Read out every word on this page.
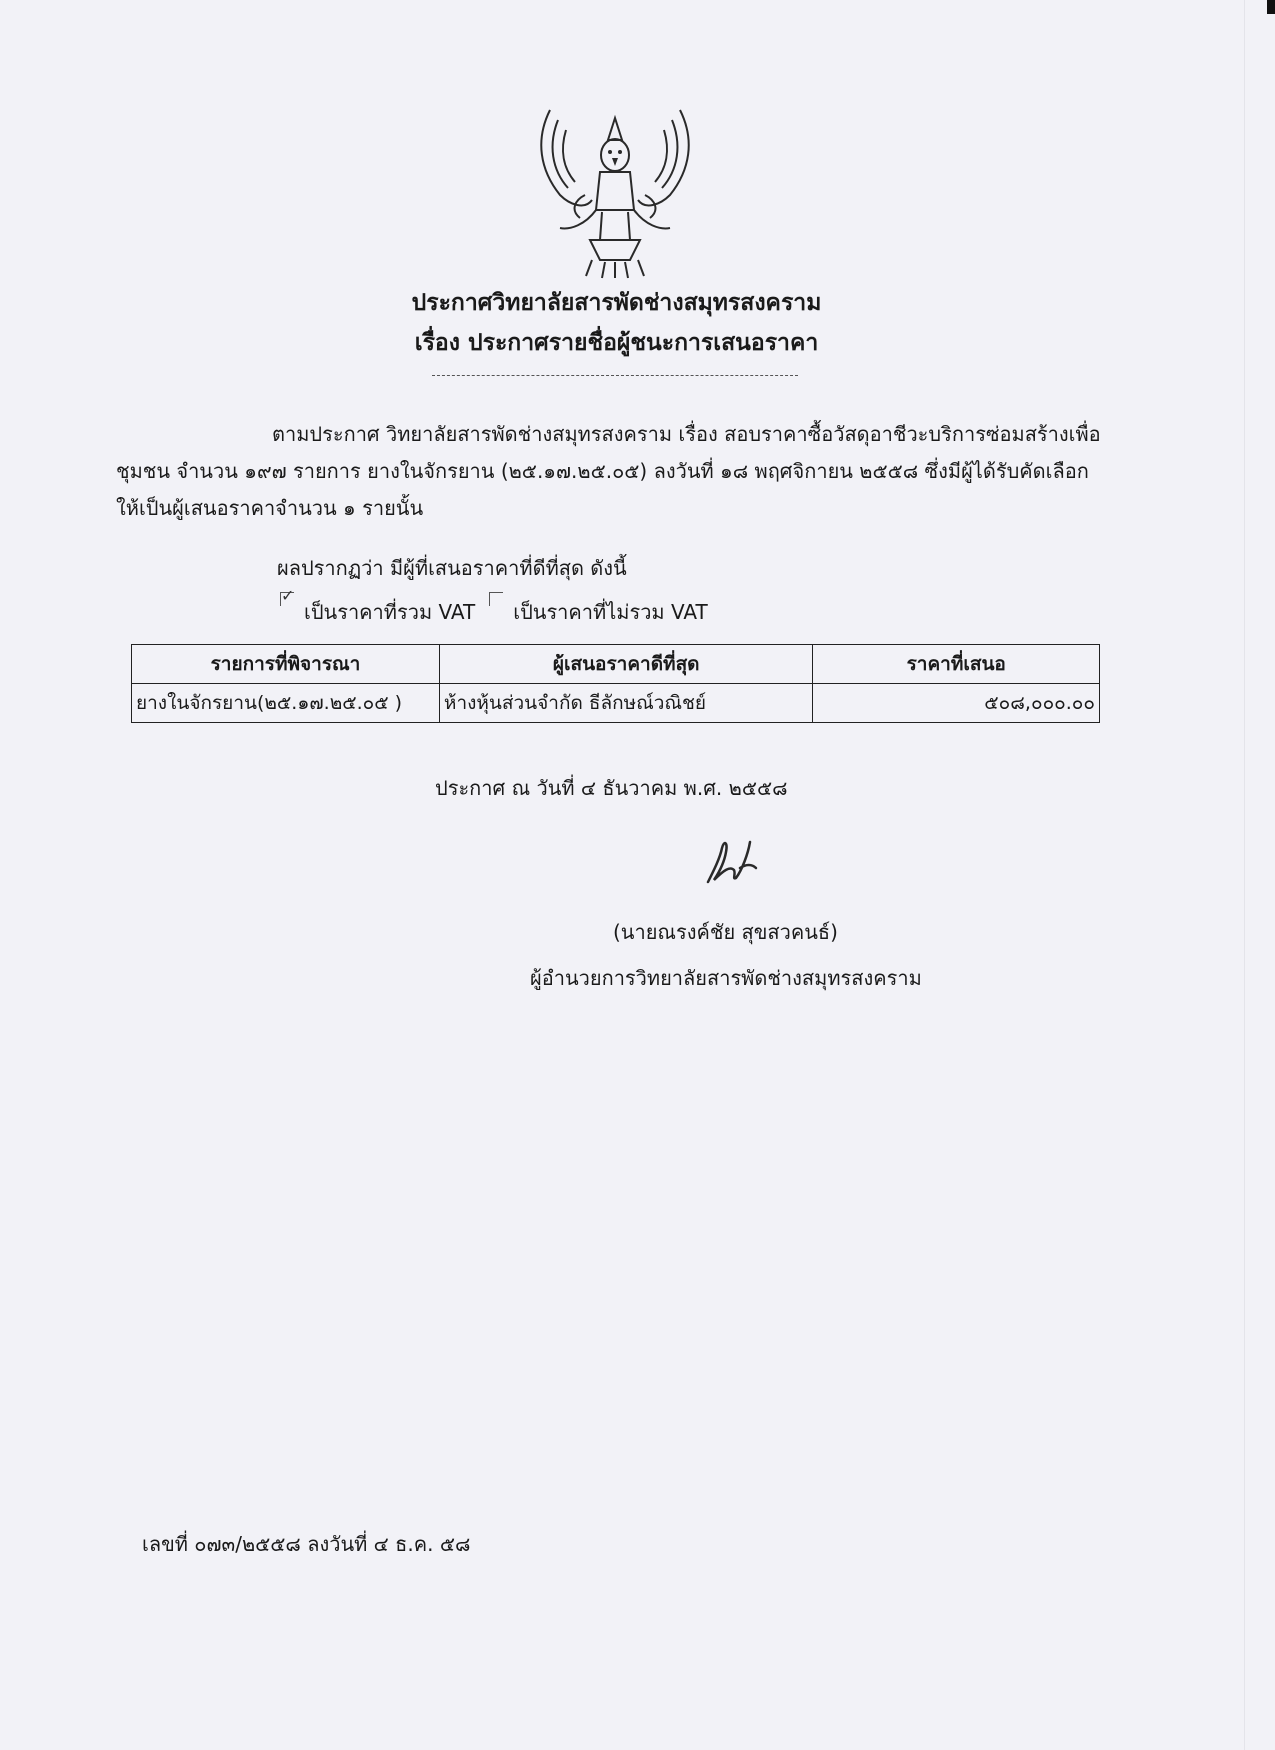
ประกาศวิทยาลัยสารพัดช่างสมุทรสงคราม
เรื่อง ประกาศรายชื่อผู้ชนะการเสนอราคา
ตามประกาศ วิทยาลัยสารพัดช่างสมุทรสงคราม เรื่อง สอบราคาซื้อวัสดุอาชีวะบริการซ่อมสร้างเพื่อ
ชุมชน จำนวน ๑๙๗ รายการ ยางในจักรยาน (๒๕.๑๗.๒๕.๐๕) ลงวันที่ ๑๘ พฤศจิกายน ๒๕๕๘ ซึ่งมีผู้ได้รับคัดเลือก
ให้เป็นผู้เสนอราคาจำนวน ๑ รายนั้น
ผลปรากฏว่า มีผู้ที่เสนอราคาที่ดีที่สุด ดังนี้
✓
เป็นราคาที่รวม VAT เป็นราคาที่ไม่รวม VAT
รายการที่พิจารณา	ผู้เสนอราคาดีที่สุด	ราคาที่เสนอ
ยางในจักรยาน(๒๕.๑๗.๒๕.๐๕ )	ห้างหุ้นส่วนจำกัด ธีลักษณ์วณิชย์	๕๐๘,๐๐๐.๐๐
ประกาศ ณ วันที่ ๔ ธันวาคม พ.ศ. ๒๕๕๘
(นายณรงค์ชัย สุขสวคนธ์)
ผู้อำนวยการวิทยาลัยสารพัดช่างสมุทรสงคราม
เลขที่ ๐๗๓/๒๕๕๘ ลงวันที่ ๔ ธ.ค. ๕๘
